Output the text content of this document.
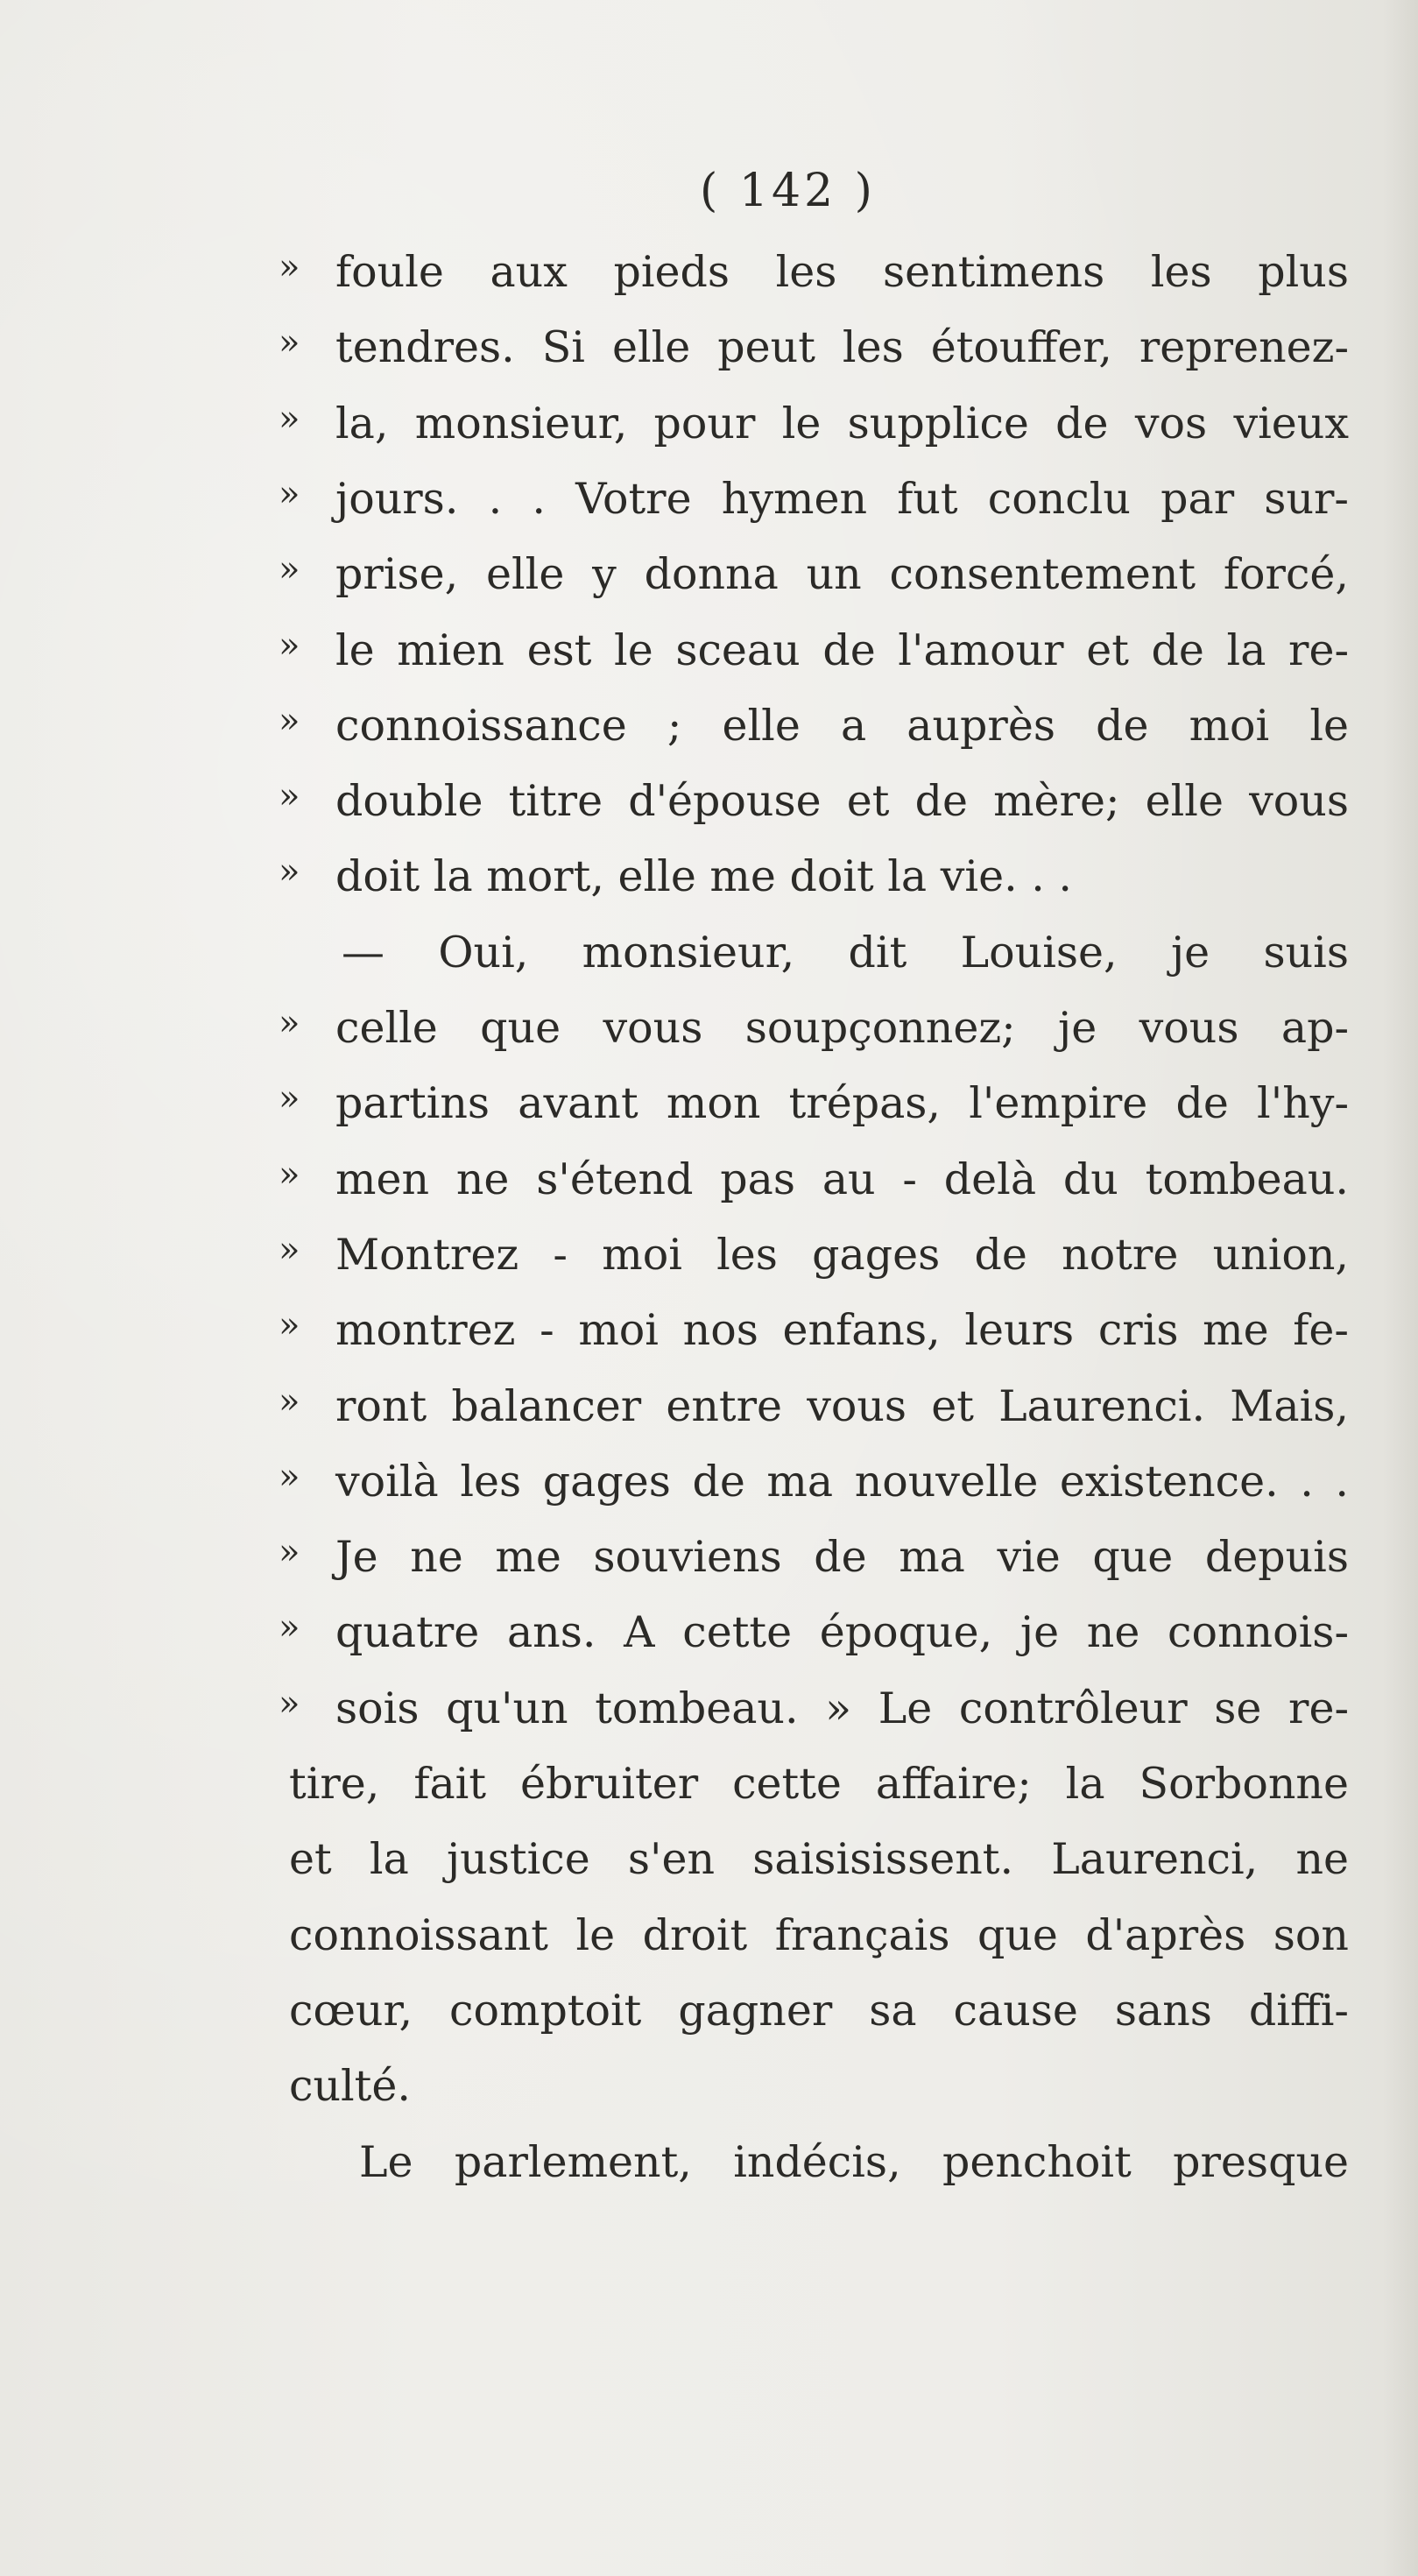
( 142 )
» foule aux pieds les sentimens les plus
» tendres. Si elle peut les étouffer, reprenez-
» la, monsieur, pour le supplice de vos vieux
» jours. . . Votre hymen fut conclu par sur-
» prise, elle y donna un consentement forcé,
» le mien est le sceau de l'amour et de la re-
» connoissance ; elle a auprès de moi le
» double titre d'épouse et de mère; elle vous
» doit la mort, elle me doit la vie. . .
— Oui, monsieur, dit Louise, je suis
» celle que vous soupçonnez; je vous ap-
» partins avant mon trépas, l'empire de l'hy-
» men ne s'étend pas au - delà du tombeau.
» Montrez - moi les gages de notre union,
» montrez - moi nos enfans, leurs cris me fe-
» ront balancer entre vous et Laurenci. Mais,
» voilà les gages de ma nouvelle existence. . .
» Je ne me souviens de ma vie que depuis
» quatre ans. A cette époque, je ne connois-
» sois qu'un tombeau. » Le contrôleur se re-
tire, fait ébruiter cette affaire; la Sorbonne
et la justice s'en saisisissent. Laurenci, ne
connoissant le droit français que d'après son
cœur, comptoit gagner sa cause sans diffi-
culté.
Le parlement, indécis, penchoit presque
